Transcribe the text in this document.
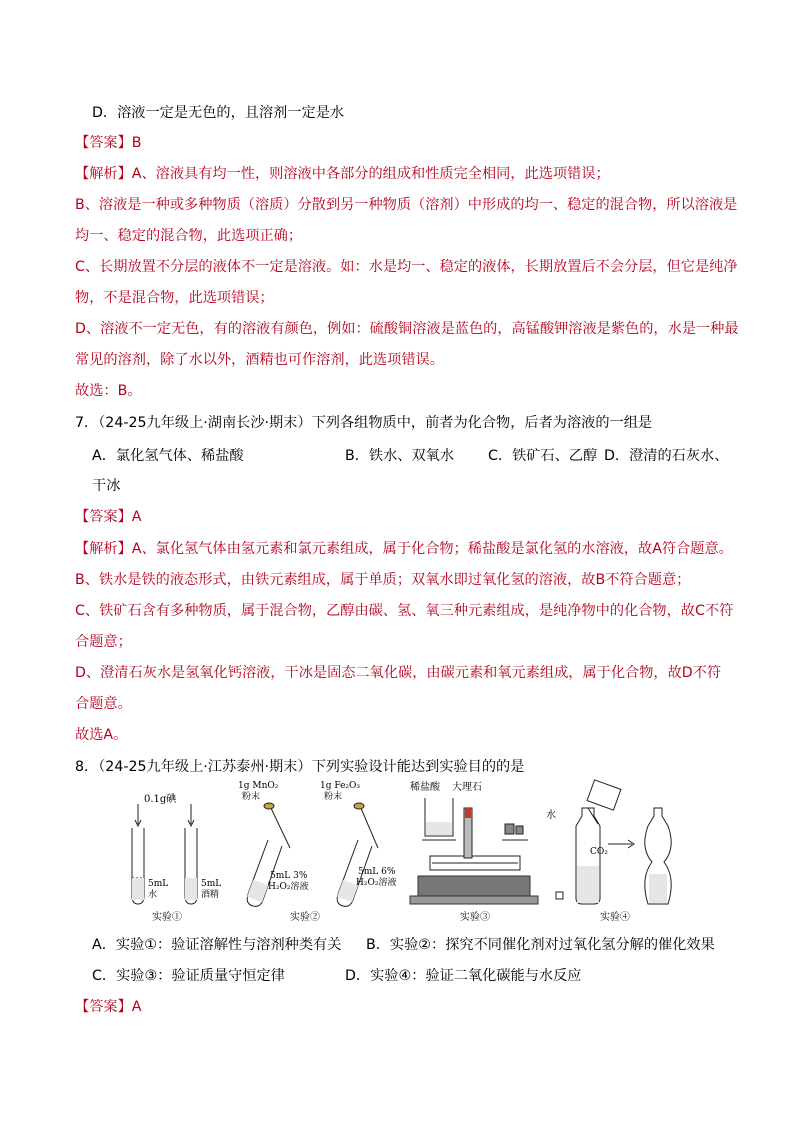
D．溶液一定是无色的，且溶剂一定是水
【答案】B
【解析】A、溶液具有均一性，则溶液中各部分的组成和性质完全相同，此选项错误；
B、溶液是一种或多种物质（溶质）分散到另一种物质（溶剂）中形成的均一、稳定的混合物，所以溶液是
均一、稳定的混合物，此选项正确；
C、长期放置不分层的液体不一定是溶液。如：水是均一、稳定的液体，长期放置后不会分层，但它是纯净
物，不是混合物，此选项错误；
D、溶液不一定无色，有的溶液有颜色，例如：硫酸铜溶液是蓝色的，高锰酸钾溶液是紫色的，水是一种最
常见的溶剂，除了水以外，酒精也可作溶剂，此选项错误。
故选：B。
7．（24-25九年级上·湖南长沙·期末）下列各组物质中，前者为化合物，后者为溶液的一组是
A．氯化氢气体、稀盐酸	B．铁水、双氧水 C．铁矿石、乙醇 D．澄清的石灰水、
干冰
【答案】A
【解析】A、氯化氢气体由氢元素和氯元素组成，属于化合物；稀盐酸是氯化氢的水溶液，故A符合题意。
B、铁水是铁的液态形式，由铁元素组成，属于单质；双氧水即过氧化氢的溶液，故B不符合题意；
C、铁矿石含有多种物质，属于混合物，乙醇由碳、氢、氧三种元素组成，是纯净物中的化合物，故C不符
合题意；
D、澄清石灰水是氢氧化钙溶液，干冰是固态二氧化碳，由碳元素和氧元素组成，属于化合物，故D不符
合题意。
故选A。
8．（24-25九年级上·江苏泰州·期末）下列实验设计能达到实验目的的是
0.1g碘
5mL
水
5mL
酒精
实验①
1g MnO₂
粉末
5mL 3%
H₂O₂溶液
实验②
1g Fe₂O₃
粉末
5mL 6%
H₂O₂溶液
稀盐酸 大理石
实验③
水
CO₂
实验④
A．实验①：验证溶解性与溶剂种类有关 B．实验②：探究不同催化剂对过氧化氢分解的催化效果
C．实验③：验证质量守恒定律	D．实验④：验证二氧化碳能与水反应
【答案】A
